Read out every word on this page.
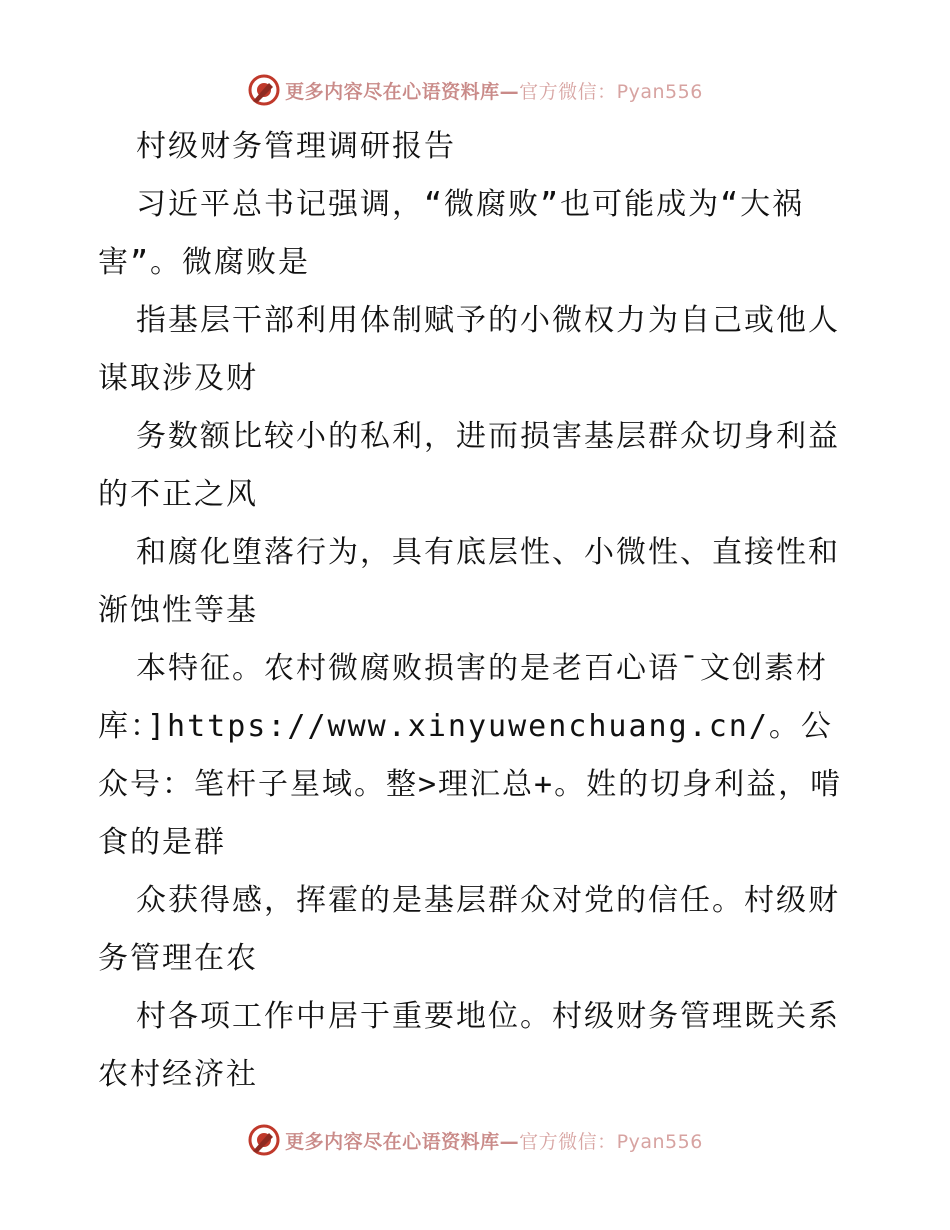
更多内容尽在心语资料库—官方微信：Pyan556

村级财务管理调研报告

习近平总书记强调，“微腐败”也可能成为“大祸害”。微腐败是

指基层干部利用体制赋予的小微权力为自己或他人谋取涉及财

务数额比较小的私利，进而损害基层群众切身利益的不正之风

和腐化堕落行为，具有底层性、小微性、直接性和渐蚀性等基

本特征。农村微腐败损害的是老百心语¯文创素材库：]https://www.xinyuwenchuang.cn/。公众号：笔杆子星域。整>理汇总+。姓的切身利益，啃食的是群

众获得感，挥霍的是基层群众对党的信任。村级财务管理在农

村各项工作中居于重要地位。村级财务管理既关系农村经济社

更多内容尽在心语资料库—官方微信：Pyan556
